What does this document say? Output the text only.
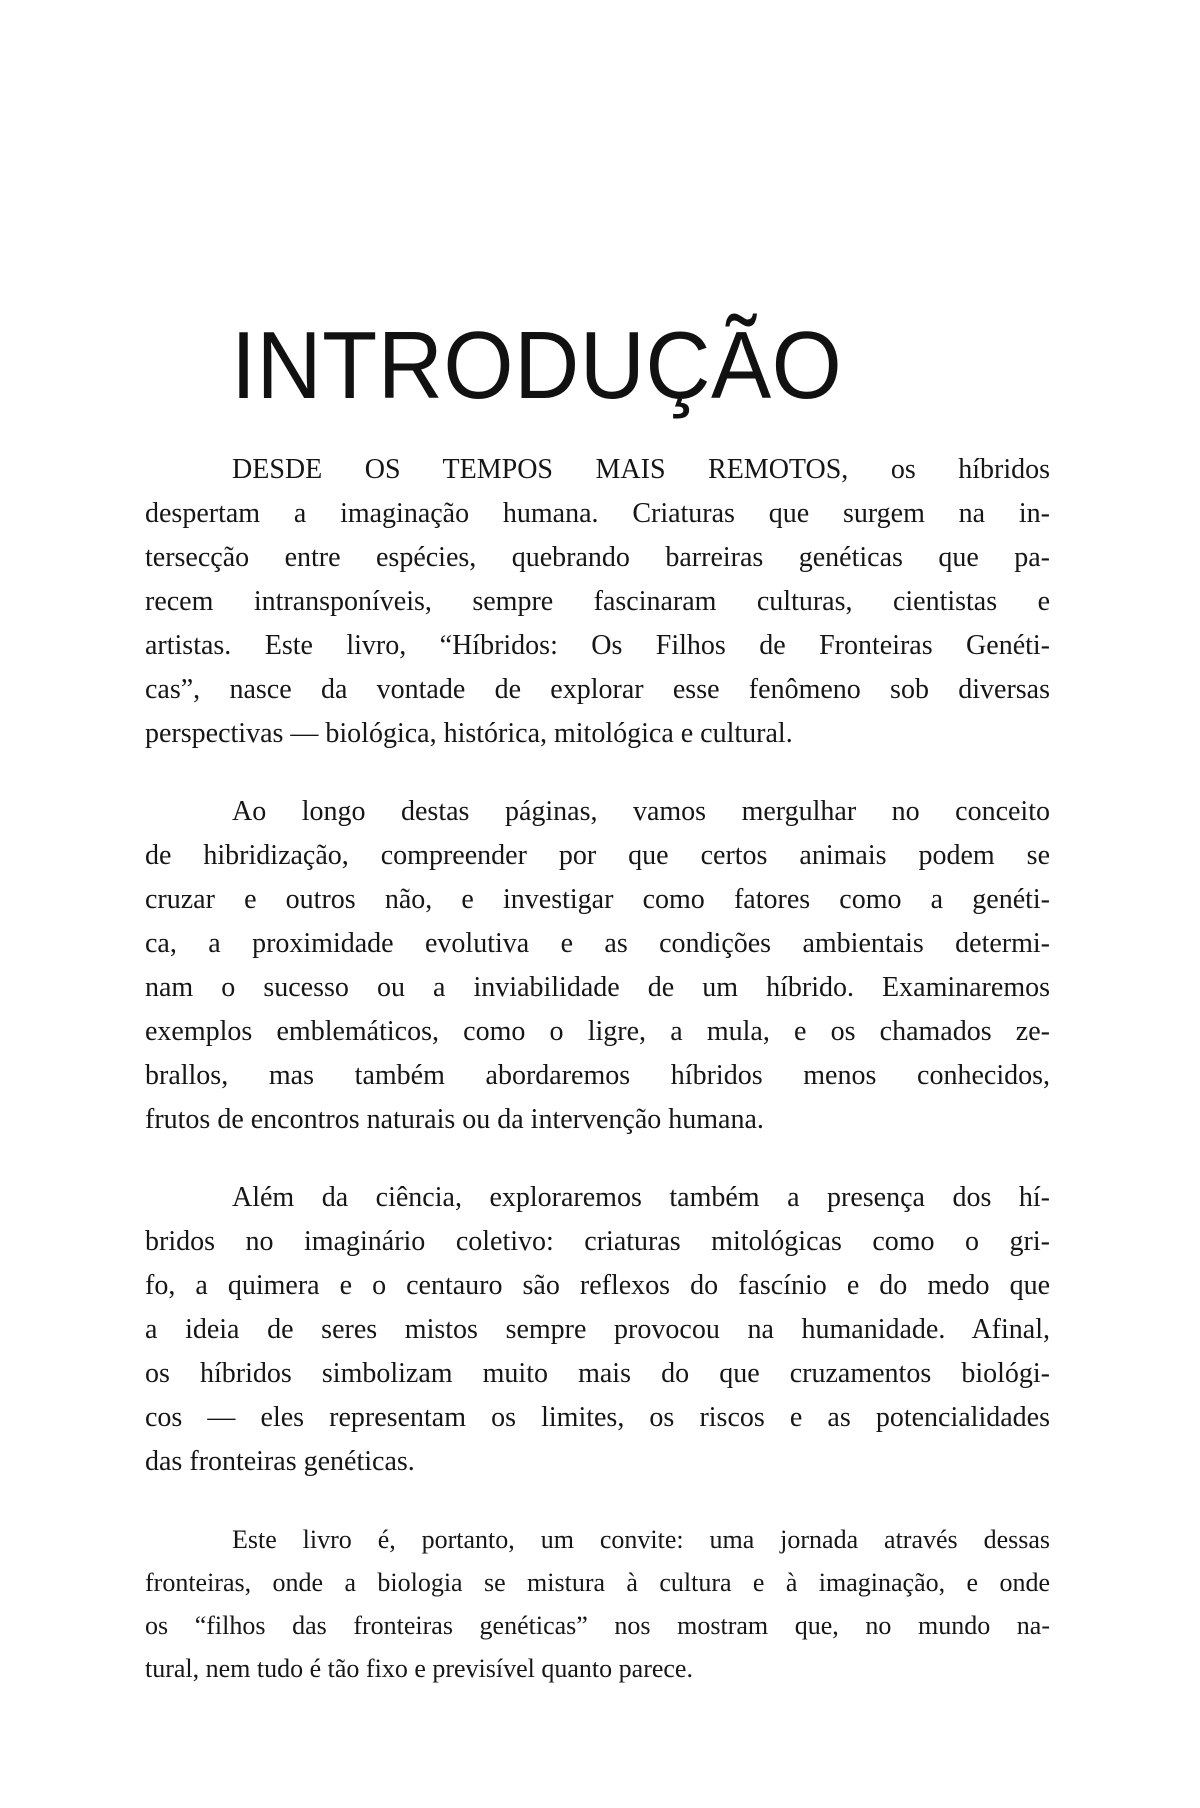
INTRODUÇÃO
DESDE OS TEMPOS MAIS REMOTOS, os híbridos
despertam a imaginação humana. Criaturas que surgem na in-
tersecção entre espécies, quebrando barreiras genéticas que pa-
recem intransponíveis, sempre fascinaram culturas, cientistas e
artistas. Este livro, “Híbridos: Os Filhos de Fronteiras Genéti-
cas”, nasce da vontade de explorar esse fenômeno sob diversas
perspectivas — biológica, histórica, mitológica e cultural.
Ao longo destas páginas, vamos mergulhar no conceito
de hibridização, compreender por que certos animais podem se
cruzar e outros não, e investigar como fatores como a genéti-
ca, a proximidade evolutiva e as condições ambientais determi-
nam o sucesso ou a inviabilidade de um híbrido. Examinaremos
exemplos emblemáticos, como o ligre, a mula, e os chamados ze-
brallos, mas também abordaremos híbridos menos conhecidos,
frutos de encontros naturais ou da intervenção humana.
Além da ciência, exploraremos também a presença dos hí-
bridos no imaginário coletivo: criaturas mitológicas como o gri-
fo, a quimera e o centauro são reflexos do fascínio e do medo que
a ideia de seres mistos sempre provocou na humanidade. Afinal,
os híbridos simbolizam muito mais do que cruzamentos biológi-
cos — eles representam os limites, os riscos e as potencialidades
das fronteiras genéticas.
Este livro é, portanto, um convite: uma jornada através dessas
fronteiras, onde a biologia se mistura à cultura e à imaginação, e onde
os “filhos das fronteiras genéticas” nos mostram que, no mundo na-
tural, nem tudo é tão fixo e previsível quanto parece.
